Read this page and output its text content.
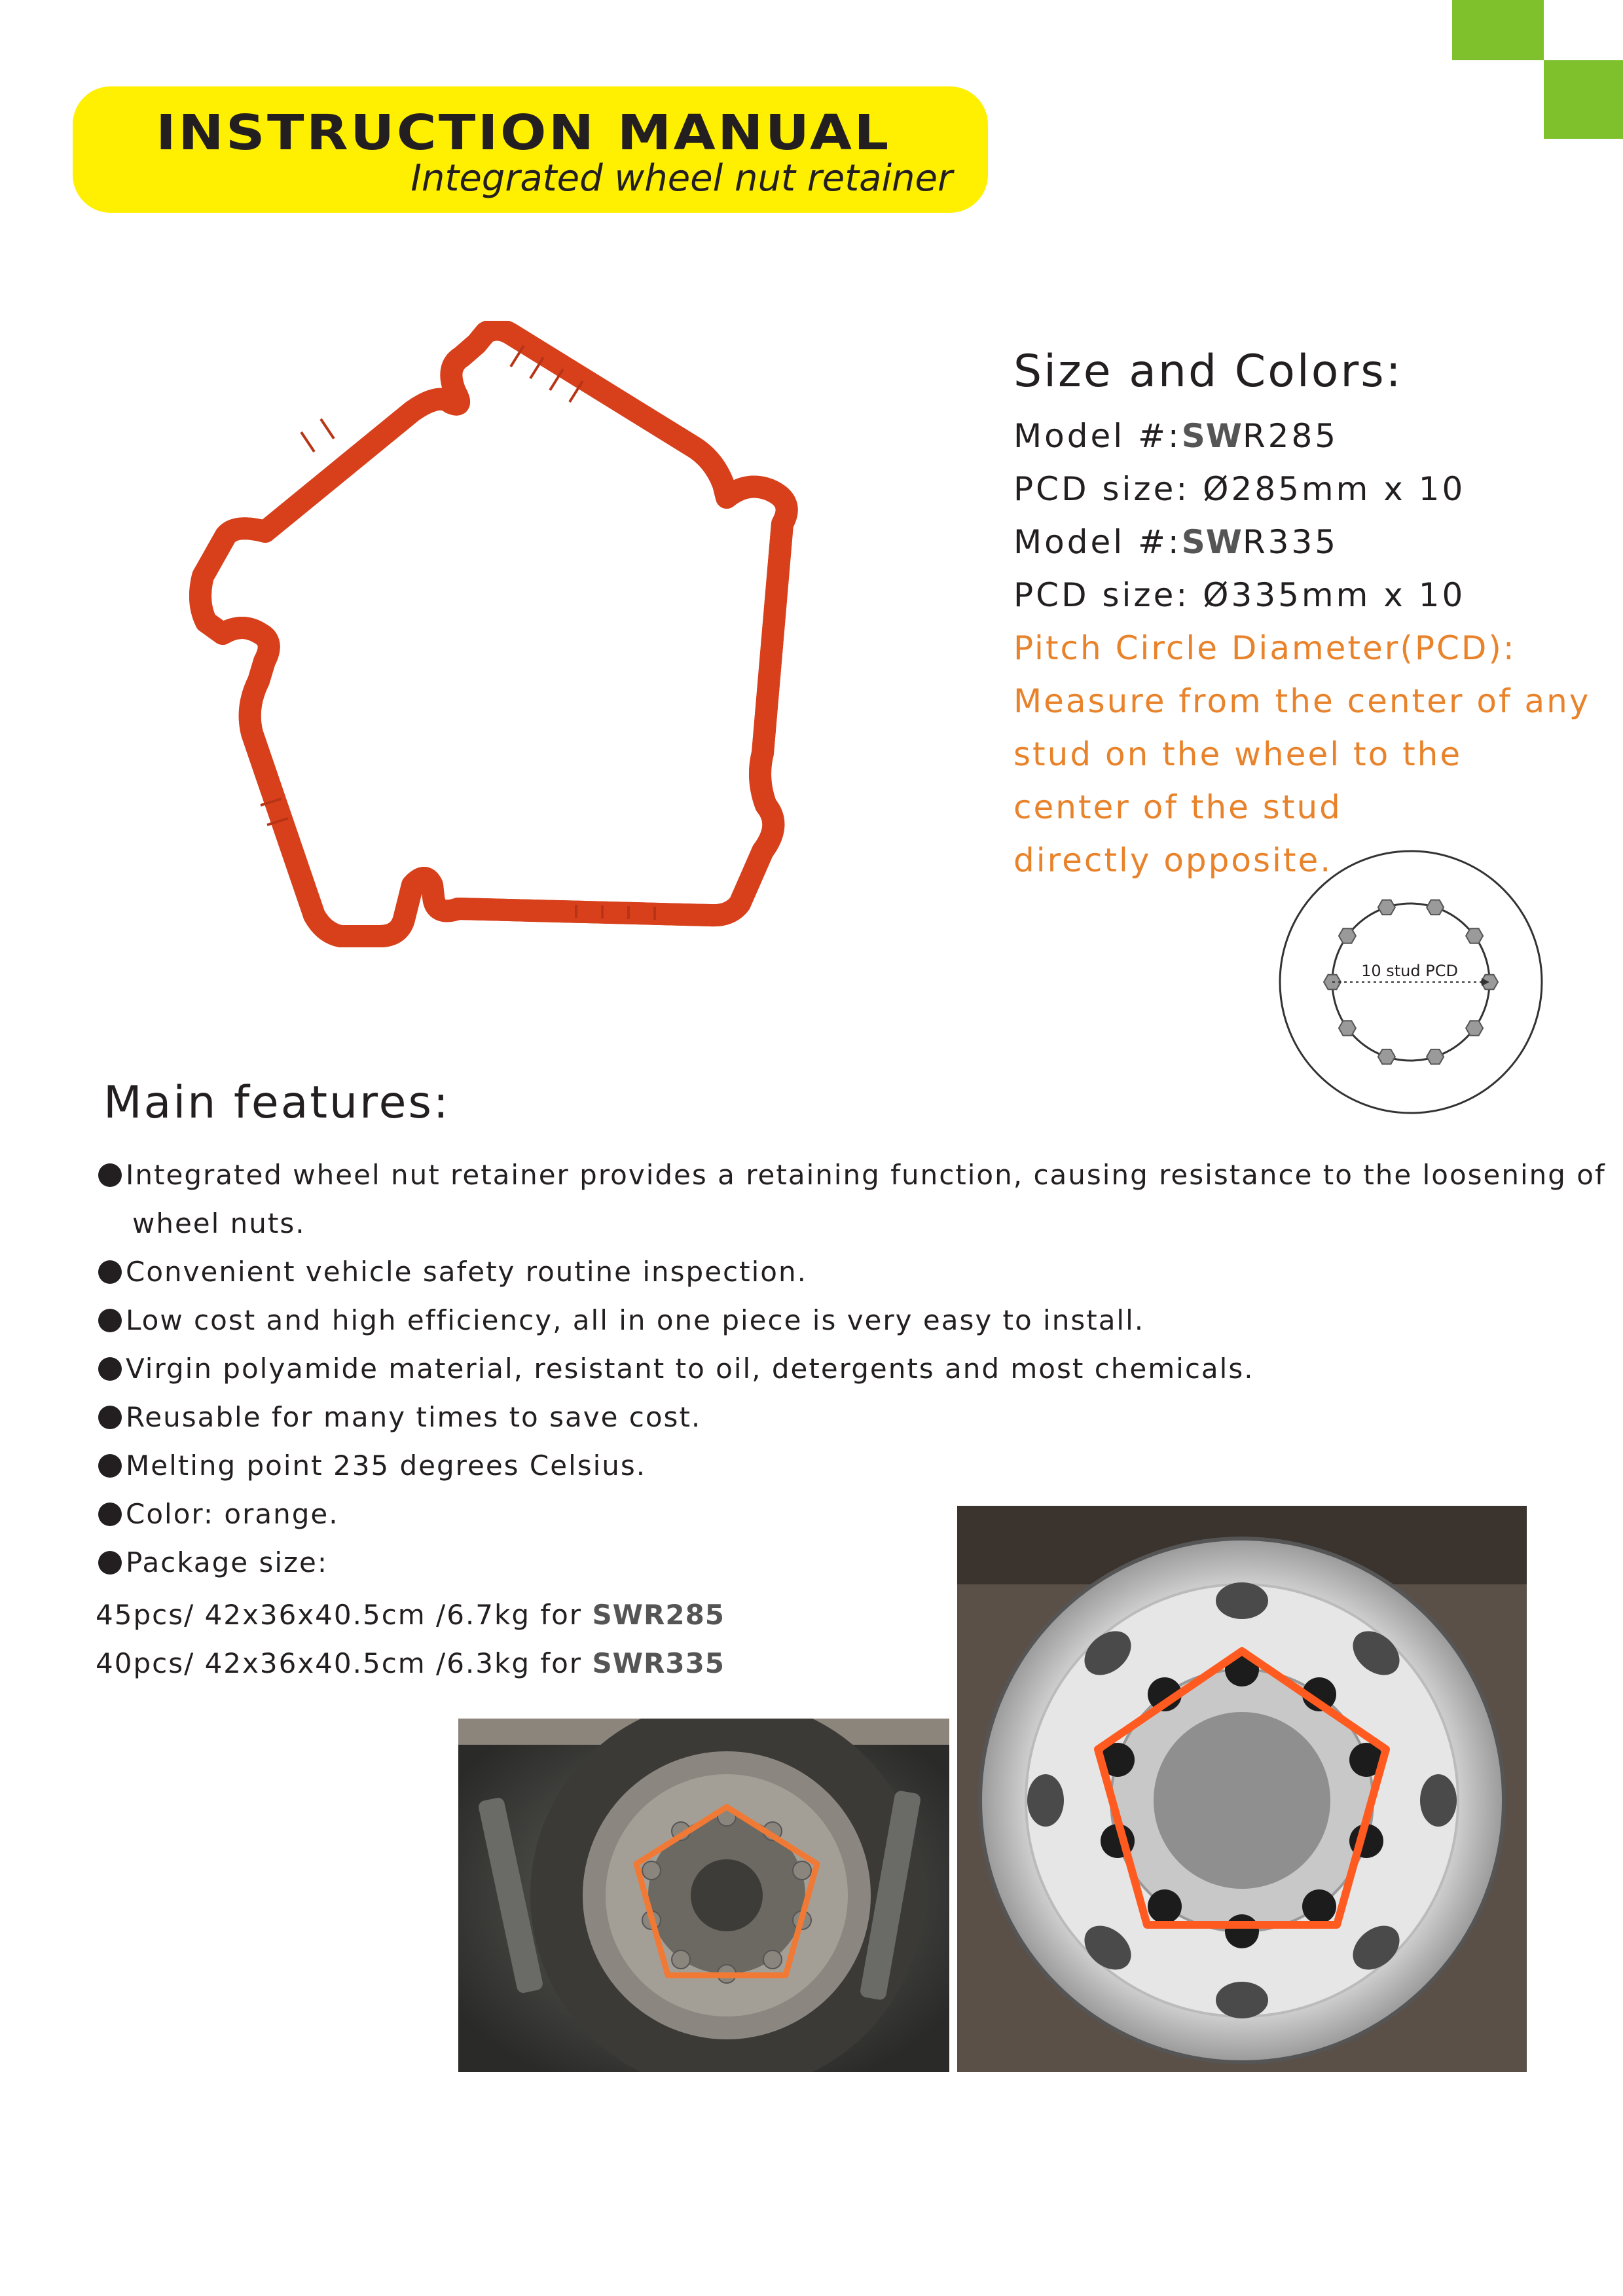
INSTRUCTION MANUAL
Integrated wheel nut retainer
Size and Colors:
Model #:SWR285
PCD size: Ø285mm x 10
Model #:SWR335
PCD size: Ø335mm x 10
Pitch Circle Diameter(PCD):
Measure from the center of any
stud on the wheel to the
center of the stud
directly opposite.
10 stud PCD
Main features:
Integrated wheel nut retainer provides a retaining function, causing resistance to the loosening of
wheel nuts.
Convenient vehicle safety routine inspection.
Low cost and high efficiency, all in one piece is very easy to install.
Virgin polyamide material, resistant to oil, detergents and most chemicals.
Reusable for many times to save cost.
Melting point 235 degrees Celsius.
Color: orange.
Package size:
45pcs/ 42x36x40.5cm /6.7kg for SWR285
40pcs/ 42x36x40.5cm /6.3kg for SWR335
